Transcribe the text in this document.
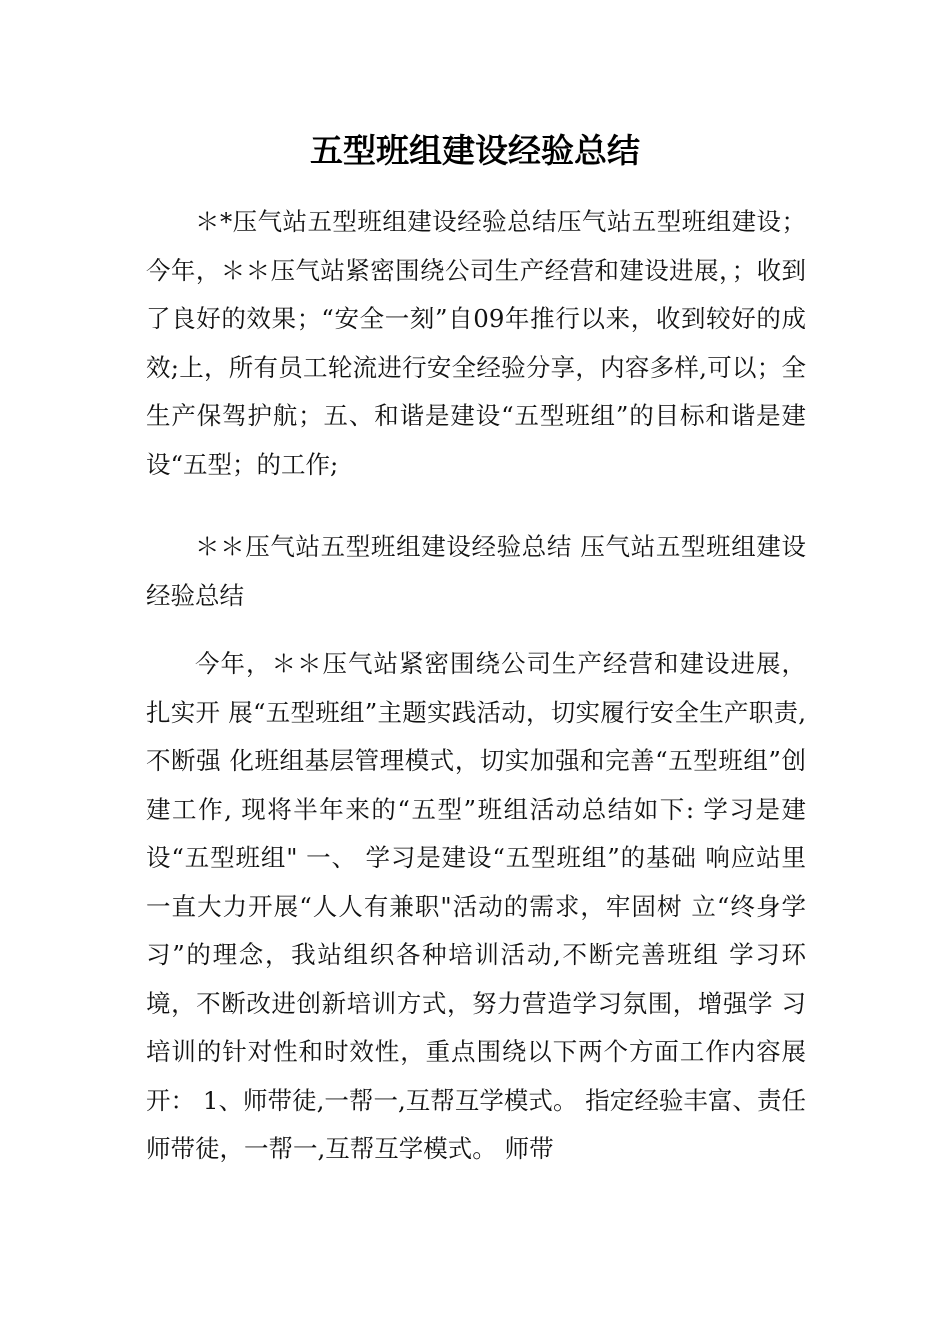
五型班组建设经验总结

＊*压气站五型班组建设经验总结压气站五型班组建设；今年，＊＊压气站紧密围绕公司生产经营和建设进展，；收到了良好的效果；“安全一刻”自09年推行以来，收到较好的成效;上，所有员工轮流进行安全经验分享，内容多样,可以；全生产保驾护航；五、和谐是建设“五型班组”的目标和谐是建设“五型；的工作;

＊＊压气站五型班组建设经验总结 压气站五型班组建设经验总结

今年，＊＊压气站紧密围绕公司生产经营和建设进展，扎实开 展“五型班组”主题实践活动，切实履行安全生产职责,不断强 化班组基层管理模式，切实加强和完善“五型班组”创建工作, 现将半年来的“五型”班组活动总结如下: 学习是建设“五型班组" 一、 学习是建设“五型班组”的基础 响应站里一直大力开展“人人有兼职"活动的需求，牢固树 立“终身学习”的理念，我站组织各种培训活动,不断完善班组 学习环境，不断改进创新培训方式，努力营造学习氛围，增强学 习培训的针对性和时效性，重点围绕以下两个方面工作内容展 开： 1、师带徒,一帮一,互帮互学模式。 指定经验丰富、责任 师带徒，一帮一,互帮互学模式。 师带
